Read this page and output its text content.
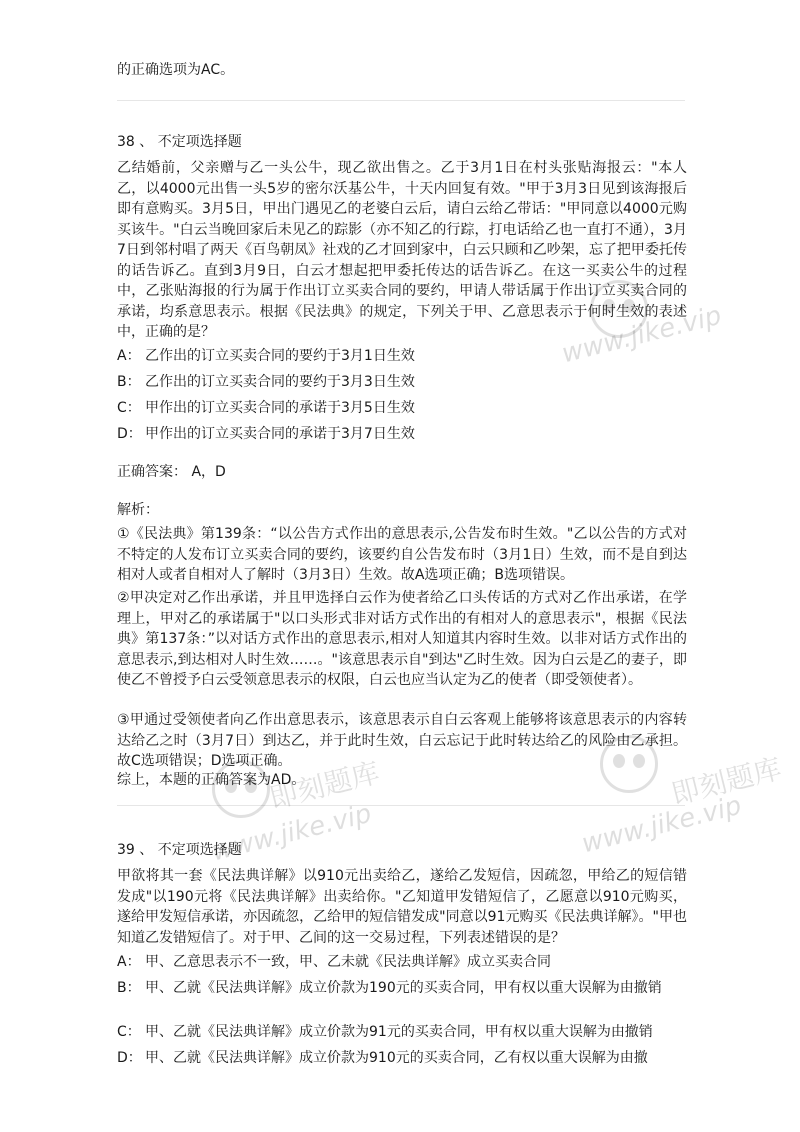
的正确选项为AC。
38 、 不定项选择题
乙结婚前，父亲赠与乙一头公牛，现乙欲出售之。乙于3月1日在村头张贴海报云："本人乙，以4000元出售一头5岁的密尔沃基公牛，十天内回复有效。"甲于3月3日见到该海报后即有意购买。3月5日，甲出门遇见乙的老婆白云后，请白云给乙带话："甲同意以4000元购买该牛。"白云当晚回家后未见乙的踪影（亦不知乙的行踪，打电话给乙也一直打不通），3月7日到邻村唱了两天《百鸟朝凤》社戏的乙才回到家中，白云只顾和乙吵架，忘了把甲委托传的话告诉乙。直到3月9日，白云才想起把甲委托传达的话告诉乙。在这一买卖公牛的过程中，乙张贴海报的行为属于作出订立买卖合同的要约，甲请人带话属于作出订立买卖合同的承诺，均系意思表示。根据《民法典》的规定，下列关于甲、乙意思表示于何时生效的表述中，正确的是？
A： 乙作出的订立买卖合同的要约于3月1日生效
B： 乙作出的订立买卖合同的要约于3月3日生效
C： 甲作出的订立买卖合同的承诺于3月5日生效
D： 甲作出的订立买卖合同的承诺于3月7日生效
正确答案： A，D
解析：
①《民法典》第139条：“以公告方式作出的意思表示,公告发布时生效。"乙以公告的方式对不特定的人发布订立买卖合同的要约，该要约自公告发布时（3月1日）生效，而不是自到达相对人或者自相对人了解时（3月3日）生效。故A选项正确；B选项错误。
②甲决定对乙作出承诺，并且甲选择白云作为使者给乙口头传话的方式对乙作出承诺，在学理上，甲对乙的承诺属于"以口头形式非对话方式作出的有相对人的意思表示"，根据《民法典》第137条：”以对话方式作出的意思表示,相对人知道其内容时生效。以非对话方式作出的意思表示,到达相对人时生效……。"该意思表示自"到达"乙时生效。因为白云是乙的妻子，即使乙不曾授予白云受领意思表示的权限，白云也应当认定为乙的使者（即受领使者）。
③甲通过受领使者向乙作出意思表示，该意思表示自白云客观上能够将该意思表示的内容转达给乙之时（3月7日）到达乙，并于此时生效，白云忘记于此时转达给乙的风险由乙承担。故C选项错误；D选项正确。
综上，本题的正确答案为AD。
39 、 不定项选择题
甲欲将其一套《民法典详解》以910元出卖给乙，遂给乙发短信，因疏忽，甲给乙的短信错发成"以190元将《民法典详解》出卖给你。"乙知道甲发错短信了，乙愿意以910元购买，遂给甲发短信承诺，亦因疏忽，乙给甲的短信错发成"同意以91元购买《民法典详解》。"甲也知道乙发错短信了。对于甲、乙间的这一交易过程，下列表述错误的是？
A： 甲、乙意思表示不一致，甲、乙未就《民法典详解》成立买卖合同
B： 甲、乙就《民法典详解》成立价款为190元的买卖合同，甲有权以重大误解为由撤销
C： 甲、乙就《民法典详解》成立价款为91元的买卖合同，甲有权以重大误解为由撤销
D： 甲、乙就《民法典详解》成立价款为910元的买卖合同，乙有权以重大误解为由撤
www.jike.vip
即刻题库
www.jike.vip
即刻题库
www.jike.vip
